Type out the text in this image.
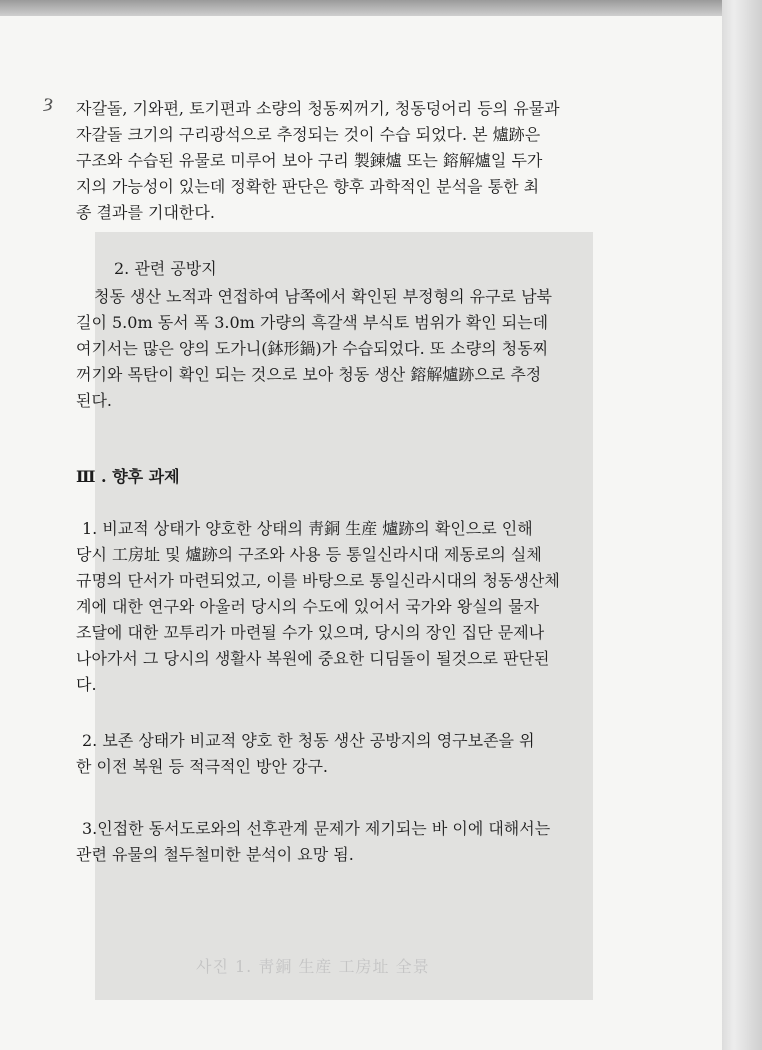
ȝ 자갈돌, 기와편, 토기편과 소량의 청동찌꺼기, 청동덩어리 등의 유물과
자갈돌 크기의 구리광석으로 추정되는 것이 수습 되었다. 본 爐跡은
구조와 수습된 유물로 미루어 보아 구리 製鍊爐 또는 鎔解爐일 두가
지의 가능성이 있는데 정확한 판단은 향후 과학적인 분석을 통한 최
종 결과를 기대한다.
2. 관련 공방지
청동 생산 노적과 연접하여 남쪽에서 확인된 부정형의 유구로 남북
길이 5.0m 동서 폭 3.0m 가량의 흑갈색 부식토 범위가 확인 되는데
여기서는 많은 양의 도가니(鉢形鍋)가 수습되었다. 또 소량의 청동찌
꺼기와 목탄이 확인 되는 것으로 보아 청동 생산 鎔解爐跡으로 추정
된다.
Ⅲ . 향후 과제
1. 비교적 상태가 양호한 상태의 靑銅 生産 爐跡의 확인으로 인해
당시 工房址 및 爐跡의 구조와 사용 등 통일신라시대 제동로의 실체
규명의 단서가 마련되었고, 이를 바탕으로 통일신라시대의 청동생산체
계에 대한 연구와 아울러 당시의 수도에 있어서 국가와 왕실의 물자
조달에 대한 꼬투리가 마련될 수가 있으며, 당시의 장인 집단 문제나
나아가서 그 당시의 생활사 복원에 중요한 디딤돌이 될것으로 판단된
다.
2. 보존 상태가 비교적 양호 한 청동 생산 공방지의 영구보존을 위
한 이전 복원 등 적극적인 방안 강구.
3.인접한 동서도로와의 선후관계 문제가 제기되는 바 이에 대해서는
관련 유물의 철두철미한 분석이 요망 됨.
사진 1. 靑銅 生産 工房址 全景
